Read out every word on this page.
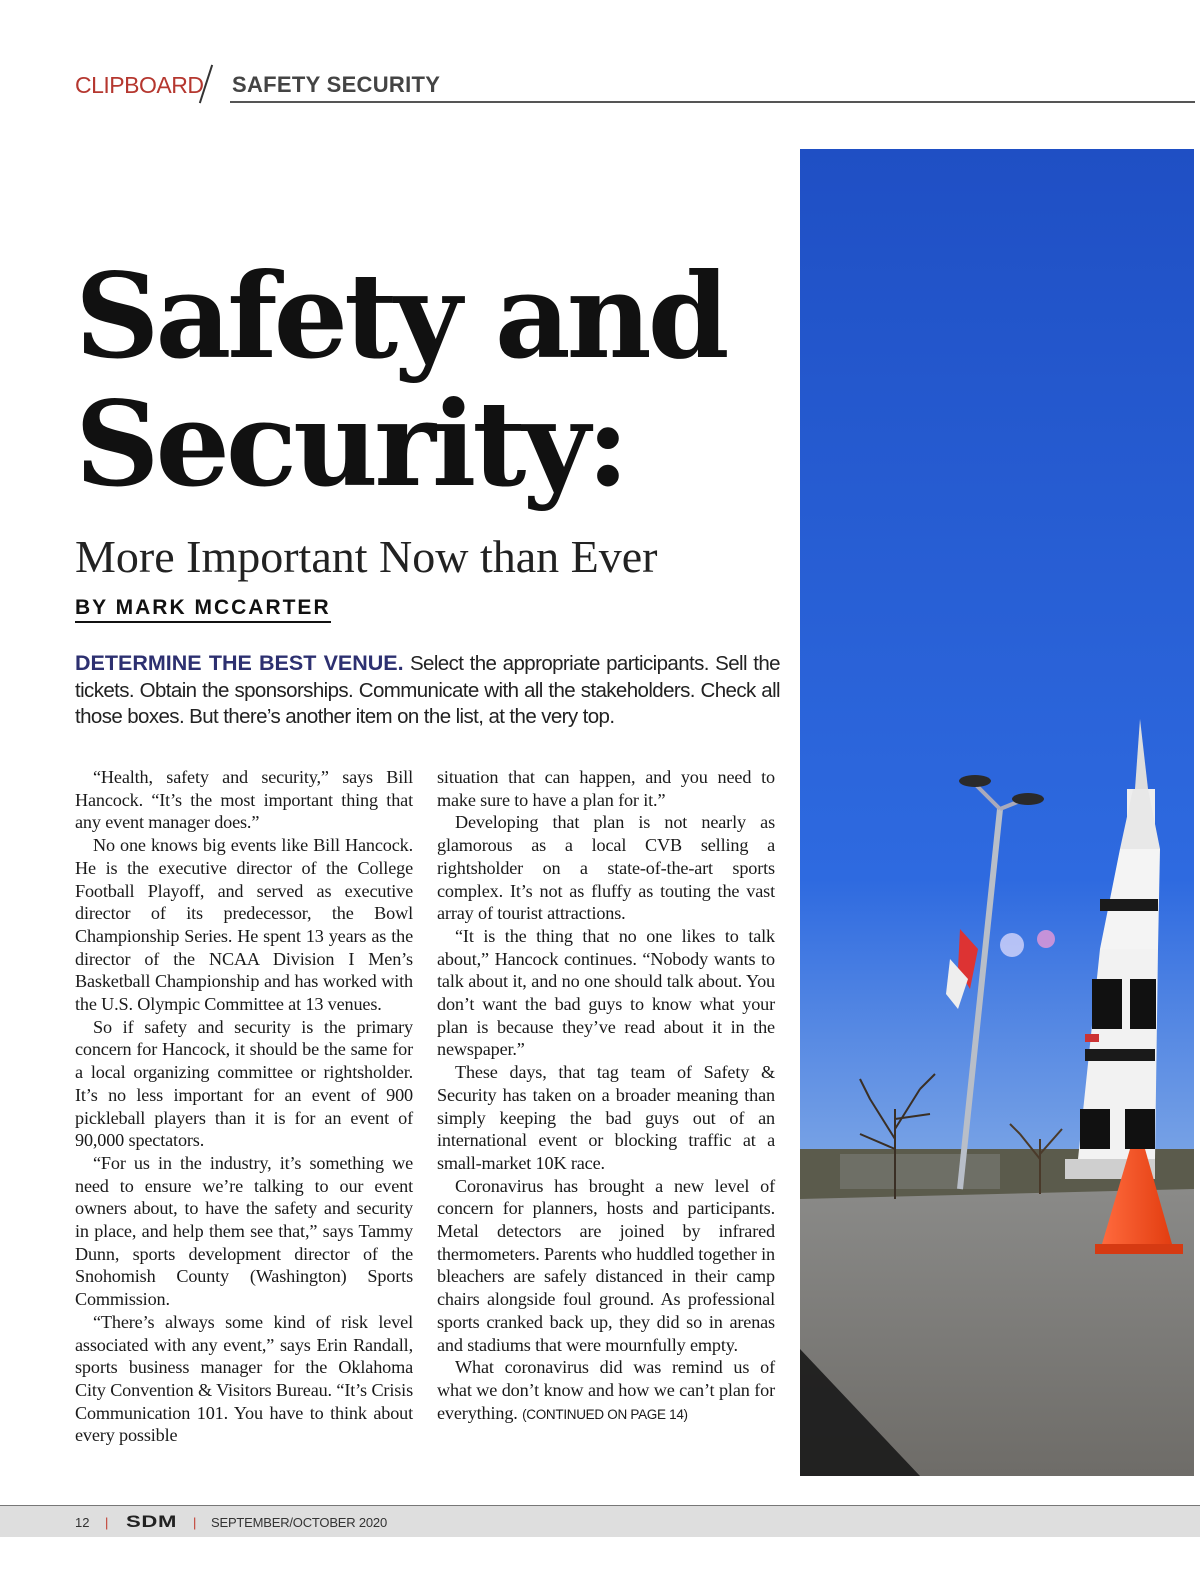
CLIPBOARD SAFETY SECURITY
Safety and
Security:
More Important Now than Ever
BY MARK MCCARTER
DETERMINE THE BEST VENUE. Select the appropriate participants. Sell the tickets. Obtain the sponsorships. Communicate with all the stakeholders. Check all those boxes. But there’s another item on the list, at the very top.

“Health, safety and security,” says Bill Hancock. “It’s the most important thing that any event manager does.”

No one knows big events like Bill Hancock. He is the executive director of the College Football Playoff, and served as executive director of its predecessor, the Bowl Championship Series. He spent 13 years as the director of the NCAA Division I Men’s Basketball Championship and has worked with the U.S. Olympic Committee at 13 venues.

So if safety and security is the primary concern for Hancock, it should be the same for a local organizing committee or rightsholder. It’s no less important for an event of 900 pickleball players than it is for an event of 90,000 spectators.

“For us in the industry, it’s something we need to ensure we’re talking to our event owners about, to have the safety and security in place, and help them see that,” says Tammy Dunn, sports development director of the Snohomish County (Washington) Sports Commission.

“There’s always some kind of risk level associated with any event,” says Erin Randall, sports business manager for the Oklahoma City Convention & Visitors Bureau. “It’s Crisis Communication 101. You have to think about every possible

situation that can happen, and you need to make sure to have a plan for it.”

Developing that plan is not nearly as glamorous as a local CVB selling a rightsholder on a state-of-the-art sports complex. It’s not as fluffy as touting the vast array of tourist attractions.

“It is the thing that no one likes to talk about,” Hancock continues. “Nobody wants to talk about it, and no one should talk about. You don’t want the bad guys to know what your plan is because they’ve read about it in the newspaper.”

These days, that tag team of Safety & Security has taken on a broader meaning than simply keeping the bad guys out of an international event or blocking traffic at a small-market 10K race.

Coronavirus has brought a new level of concern for planners, hosts and participants. Metal detectors are joined by infrared thermometers. Parents who huddled together in bleachers are safely distanced in their camp chairs alongside foul ground. As professional sports cranked back up, they did so in arenas and stadiums that were mournfully empty.

What coronavirus did was remind us of what we don’t know and how we can’t plan for everything. (CONTINUED ON PAGE 14)

12 | SDM | SEPTEMBER/OCTOBER 2020
